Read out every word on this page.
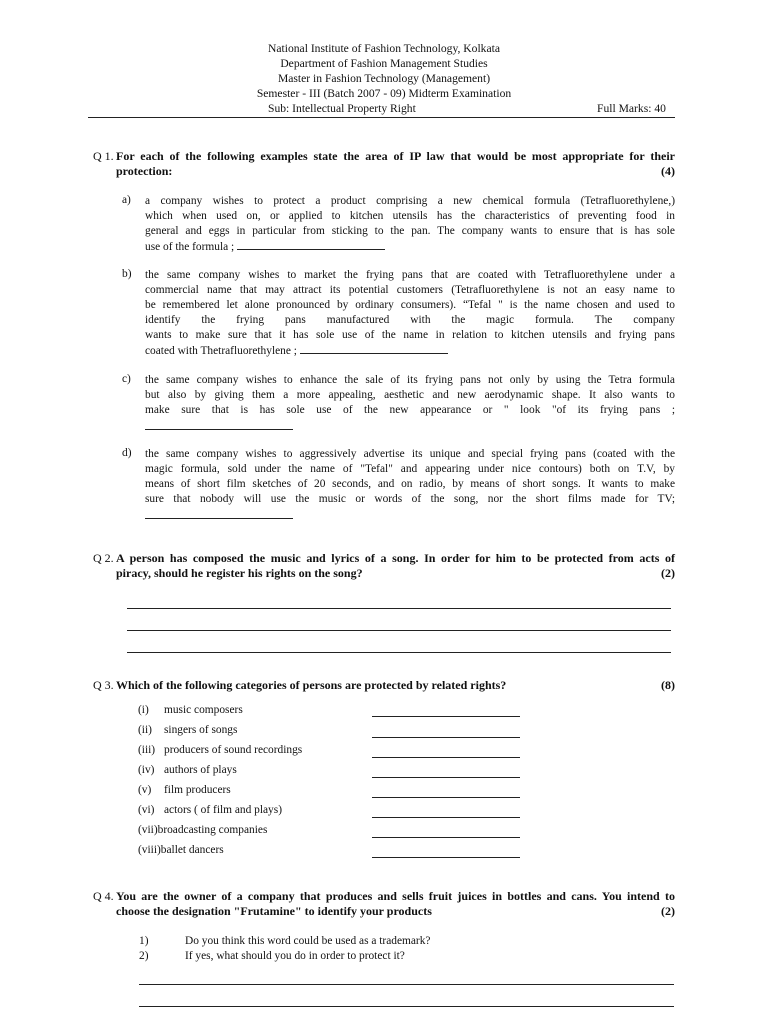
National Institute of Fashion Technology, Kolkata
Department of Fashion Management Studies
Master in Fashion Technology (Management)
Semester - III (Batch 2007 - 09) Midterm Examination
Sub: Intellectual Property Right	Full Marks: 40
Q 1. For each of the following examples state the area of IP law that would be most appropriate for their
protection:	(4)
a) a company wishes to protect a product comprising a new chemical formula (Tetrafluorethylene,)
which when used on, or applied to kitchen utensils has the characteristics of preventing food in
general and eggs in particular from sticking to the pan. The company wants to ensure that is has sole
use of the formula ;
b) the same company wishes to market the frying pans that are coated with Tetrafluorethylene under a
commercial name that may attract its potential customers (Tetrafluorethylene is not an easy name to
be remembered let alone pronounced by ordinary consumers). “Tefal " is the name chosen and used to
identify the frying pans manufactured with the magic formula. The company
wants to make sure that it has sole use of the name in relation to kitchen utensils and frying pans
coated with Thetrafluorethylene ;
c) the same company wishes to enhance the sale of its frying pans not only by using the Tetra formula
but also by giving them a more appealing, aesthetic and new aerodynamic shape. It also wants to
make sure that is has sole use of the new appearance or " look "of its frying pans ;
d) the same company wishes to aggressively advertise its unique and special frying pans (coated with the
magic formula, sold under the name of "Tefal" and appearing under nice contours) both on T.V, by
means of short film sketches of 20 seconds, and on radio, by means of short songs. It wants to make
sure that nobody will use the music or words of the song, nor the short films made for TV;
Q 2. A person has composed the music and lyrics of a song. In order for him to be protected from acts of
piracy, should he register his rights on the song?	(2)
Q 3. Which of the following categories of persons are protected by related rights?	(8)
(i) music composers
(ii) singers of songs
(iii) producers of sound recordings
(iv) authors of plays
(v) film producers
(vi) actors ( of film and plays)
(vii)broadcasting companies
(viii)ballet dancers
Q 4. You are the owner of a company that produces and sells fruit juices in bottles and cans. You intend to
choose the designation "Frutamine" to identify your products	(2)
1)	Do you think this word could be used as a trademark?
2)	If yes, what should you do in order to protect it?
